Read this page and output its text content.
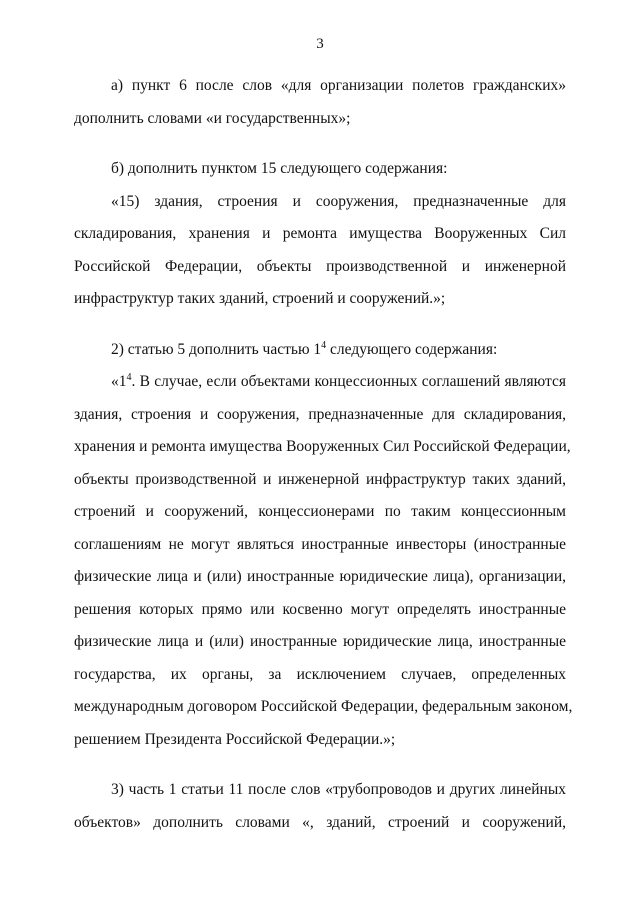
3
а) пункт 6 после слов «для организации полетов гражданских»
дополнить словами «и государственных»;
б) дополнить пунктом 15 следующего содержания:
«15) здания, строения и сооружения, предназначенные для
складирования, хранения и ремонта имущества Вооруженных Сил
Российской Федерации, объекты производственной и инженерной
инфраструктур таких зданий, строений и сооружений.»;
2) статью 5 дополнить частью $1^4$ следующего содержания:
«$1^4$. В случае, если объектами концессионных соглашений являются
здания, строения и сооружения, предназначенные для складирования,
хранения и ремонта имущества Вооруженных Сил Российской Федерации,
объекты производственной и инженерной инфраструктур таких зданий,
строений и сооружений, концессионерами по таким концессионным
соглашениям не могут являться иностранные инвесторы (иностранные
физические лица и (или) иностранные юридические лица), организации,
решения которых прямо или косвенно могут определять иностранные
физические лица и (или) иностранные юридические лица, иностранные
государства, их органы, за исключением случаев, определенных
международным договором Российской Федерации, федеральным законом,
решением Президента Российской Федерации.»;
3) часть 1 статьи 11 после слов «трубопроводов и других линейных
объектов» дополнить словами «, зданий, строений и сооружений,
